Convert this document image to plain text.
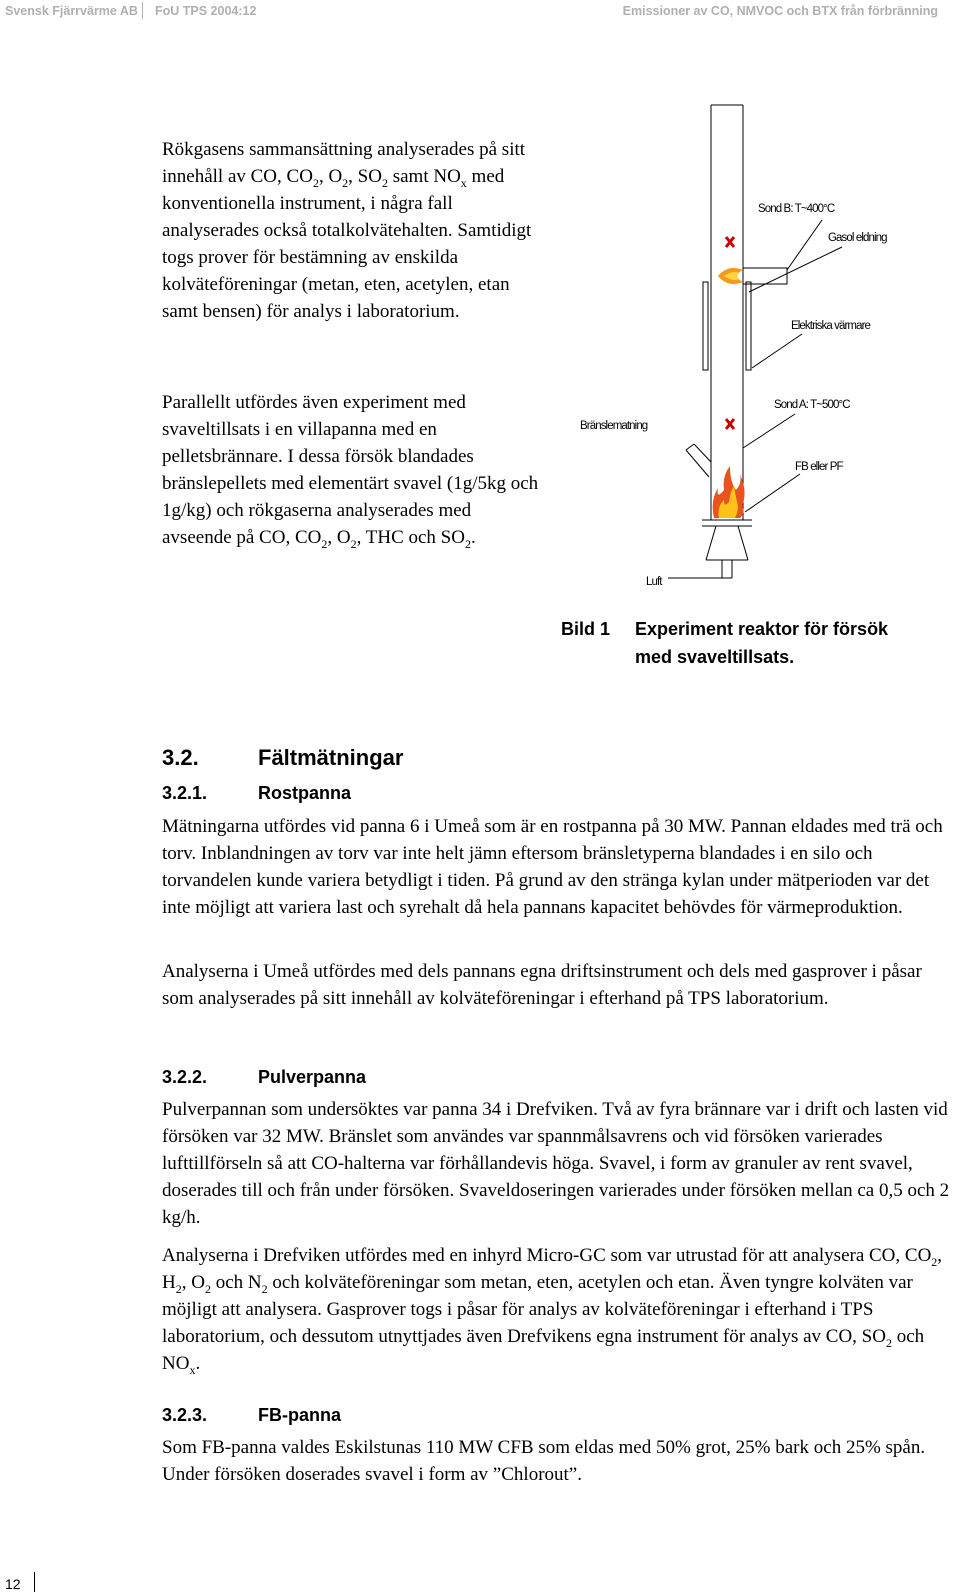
Svensk Fjärrvärme AB FoU TPS 2004:12	Emissioner av CO, NMVOC och BTX från förbränning

Rökgasens sammansättning analyserades på sitt innehåll av CO, $CO_2$, $O_2$, $SO_2$ samt $NO_x$ med konventionella instrument, i några fall analyserades också totalkolvätehalten. Samtidigt togs prover för bestämning av enskilda kolväteföreningar (metan, eten, acetylen, etan samt bensen) för analys i laboratorium.

Parallellt utfördes även experiment med svaveltillsats i en villapanna med en pelletsbrännare. I dessa försök blandades bränslepellets med elementärt svavel (1g/5kg och 1g/kg) och rökgaserna analyserades med avseende på CO, $CO_2$, $O_2$, THC och $SO_2$.

Sond B: T~400°C
Gasol eldning
Elektriska värmare
Sond A: T~500°C
Bränslematning
FB eller PF
Luft
Bild 1 Experiment reaktor för försök
med svaveltillsats.
3.2.	Fältmätningar
3.2.1.	Rostpanna

Mätningarna utfördes vid panna 6 i Umeå som är en rostpanna på 30 MW. Pannan eldades med trä och torv. Inblandningen av torv var inte helt jämn eftersom bränsletyperna blandades i en silo och torvandelen kunde variera betydligt i tiden. På grund av den stränga kylan under mätperioden var det inte möjligt att variera last och syrehalt då hela pannans kapacitet behövdes för värmeproduktion.

Analyserna i Umeå utfördes med dels pannans egna driftsinstrument och dels med gasprover i påsar som analyserades på sitt innehåll av kolväteföreningar i efterhand på TPS laboratorium.

3.2.2.	Pulverpanna

Pulverpannan som undersöktes var panna 34 i Drefviken. Två av fyra brännare var i drift och lasten vid försöken var 32 MW. Bränslet som användes var spannmålsavrens och vid försöken varierades lufttillförseln så att CO-halterna var förhållandevis höga. Svavel, i form av granuler av rent svavel, doserades till och från under försöken. Svaveldoseringen varierades under försöken mellan ca 0,5 och 2 kg/h.

Analyserna i Drefviken utfördes med en inhyrd Micro-GC som var utrustad för att analysera CO, $CO_2$, $H_2$, $O_2$ och $N_2$ och kolväteföreningar som metan, eten, acetylen och etan. Även tyngre kolväten var möjligt att analysera. Gasprover togs i påsar för analys av kolväteföreningar i efterhand i TPS laboratorium, och dessutom utnyttjades även Drefvikens egna instrument för analys av CO, $SO_2$ och $NO_x$.

3.2.3.	FB-panna

Som FB-panna valdes Eskilstunas 110 MW CFB som eldas med 50% grot, 25% bark och 25% spån. Under försöken doserades svavel i form av ”Chlorout”.

12
